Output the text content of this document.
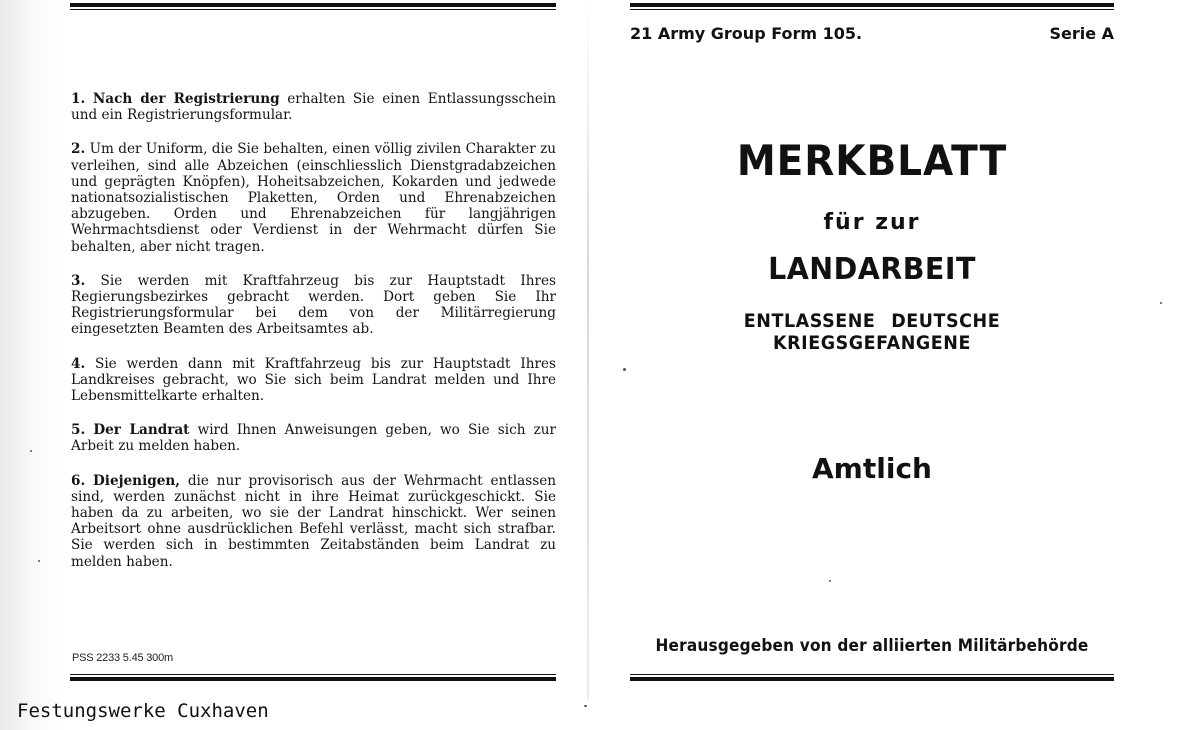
1. Nach der Registrierung erhalten Sie einen Entlassungsschein und ein Registrierungsformular.

2. Um der Uniform, die Sie behalten, einen völlig zivilen Charakter zu verleihen, sind alle Abzeichen (einschliesslich Dienstgradabzeichen und geprägten Knöpfen), Hoheitsabzeichen, Kokarden und jedwede nationatsozialistischen Plaketten, Orden und Ehrenabzeichen abzugeben. Orden und Ehrenabzeichen für langjährigen Wehrmachtsdienst oder Verdienst in der Wehrmacht dürfen Sie behalten, aber nicht tragen.

3. Sie werden mit Kraftfahrzeug bis zur Hauptstadt Ihres Regierungsbezirkes gebracht werden. Dort geben Sie Ihr Registrierungsformular bei dem von der Militärregierung eingesetzten Beamten des Arbeitsamtes ab.

4. Sie werden dann mit Kraftfahrzeug bis zur Hauptstadt Ihres Landkreises gebracht, wo Sie sich beim Landrat melden und Ihre Lebensmittelkarte erhalten.

5. Der Landrat wird Ihnen Anweisungen geben, wo Sie sich zur Arbeit zu melden haben.

6. Diejenigen, die nur provisorisch aus der Wehrmacht entlassen sind, werden zunächst nicht in ihre Heimat zurückgeschickt. Sie haben da zu arbeiten, wo sie der Landrat hinschickt. Wer seinen Arbeitsort ohne ausdrücklichen Befehl verlässt, macht sich strafbar. Sie werden sich in bestimmten Zeitabständen beim Landrat zu melden haben.

PSS 2233 5.45 300m
Festungswerke Cuxhaven
21 Army Group Form 105.	Serie A
MERKBLATT
für zur
LANDARBEIT
ENTLASSENE DEUTSCHE KRIEGSGEFANGENE
Amtlich
Herausgegeben von der alliierten Militärbehörde
